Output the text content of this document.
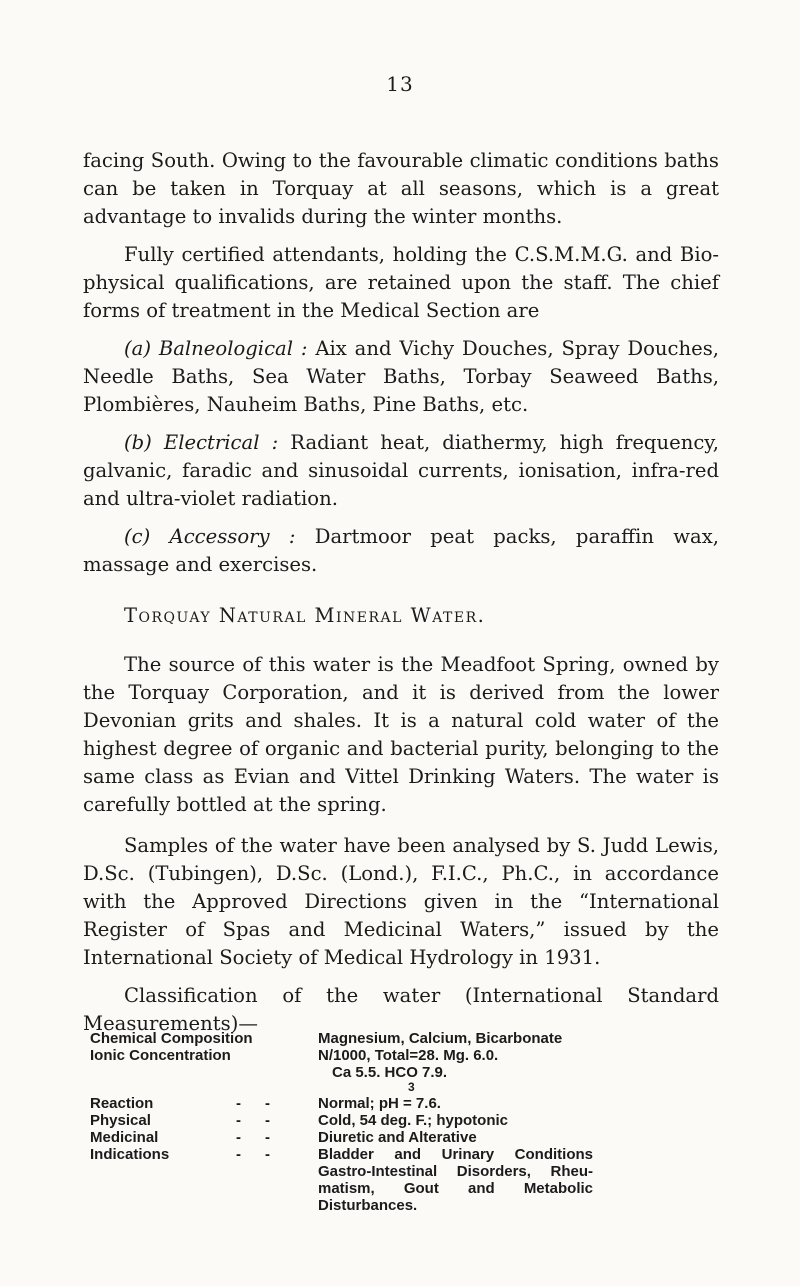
13

facing South. Owing to the favourable climatic conditions baths can be taken in Torquay at all seasons, which is a great advantage to invalids during the winter months.

Fully certified attendants, holding the C.S.M.M.G. and Bio-physical qualifications, are retained upon the staff. The chief forms of treatment in the Medical Section are

(a) Balneological : Aix and Vichy Douches, Spray Douches, Needle Baths, Sea Water Baths, Torbay Seaweed Baths, Plombières, Nauheim Baths, Pine Baths, etc.

(b) Electrical : Radiant heat, diathermy, high frequency, galvanic, faradic and sinusoidal currents, ionisation, infra-red and ultra-violet radiation.

(c) Accessory : Dartmoor peat packs, paraffin wax, massage and exercises.

Torquay Natural Mineral Water.

The source of this water is the Meadfoot Spring, owned by the Torquay Corporation, and it is derived from the lower Devonian grits and shales. It is a natural cold water of the highest degree of organic and bacterial purity, belonging to the same class as Evian and Vittel Drinking Waters. The water is carefully bottled at the spring.

Samples of the water have been analysed by S. Judd Lewis, D.Sc. (Tubingen), D.Sc. (Lond.), F.I.C., Ph.C., in accordance with the Approved Directions given in the “International Register of Spas and Medicinal Waters,” issued by the International Society of Medical Hydrology in 1931.

Classification of the water (International Standard Measurements)—

Chemical Composition	Magnesium, Calcium, Bicarbonate
Ionic Concentration	N/1000, Total=28. Mg. 6.0.
Ca 5.5. HCO 7.9.
3
Reaction	- -	Normal; pH = 7.6.
Physical	- -	Cold, 54 deg. F.; hypotonic
Medicinal	- -	Diuretic and Alterative
Indications	- -	Bladder and Urinary Conditions Gastro-Intestinal Disorders, Rheu-matism, Gout and Metabolic Disturbances.
